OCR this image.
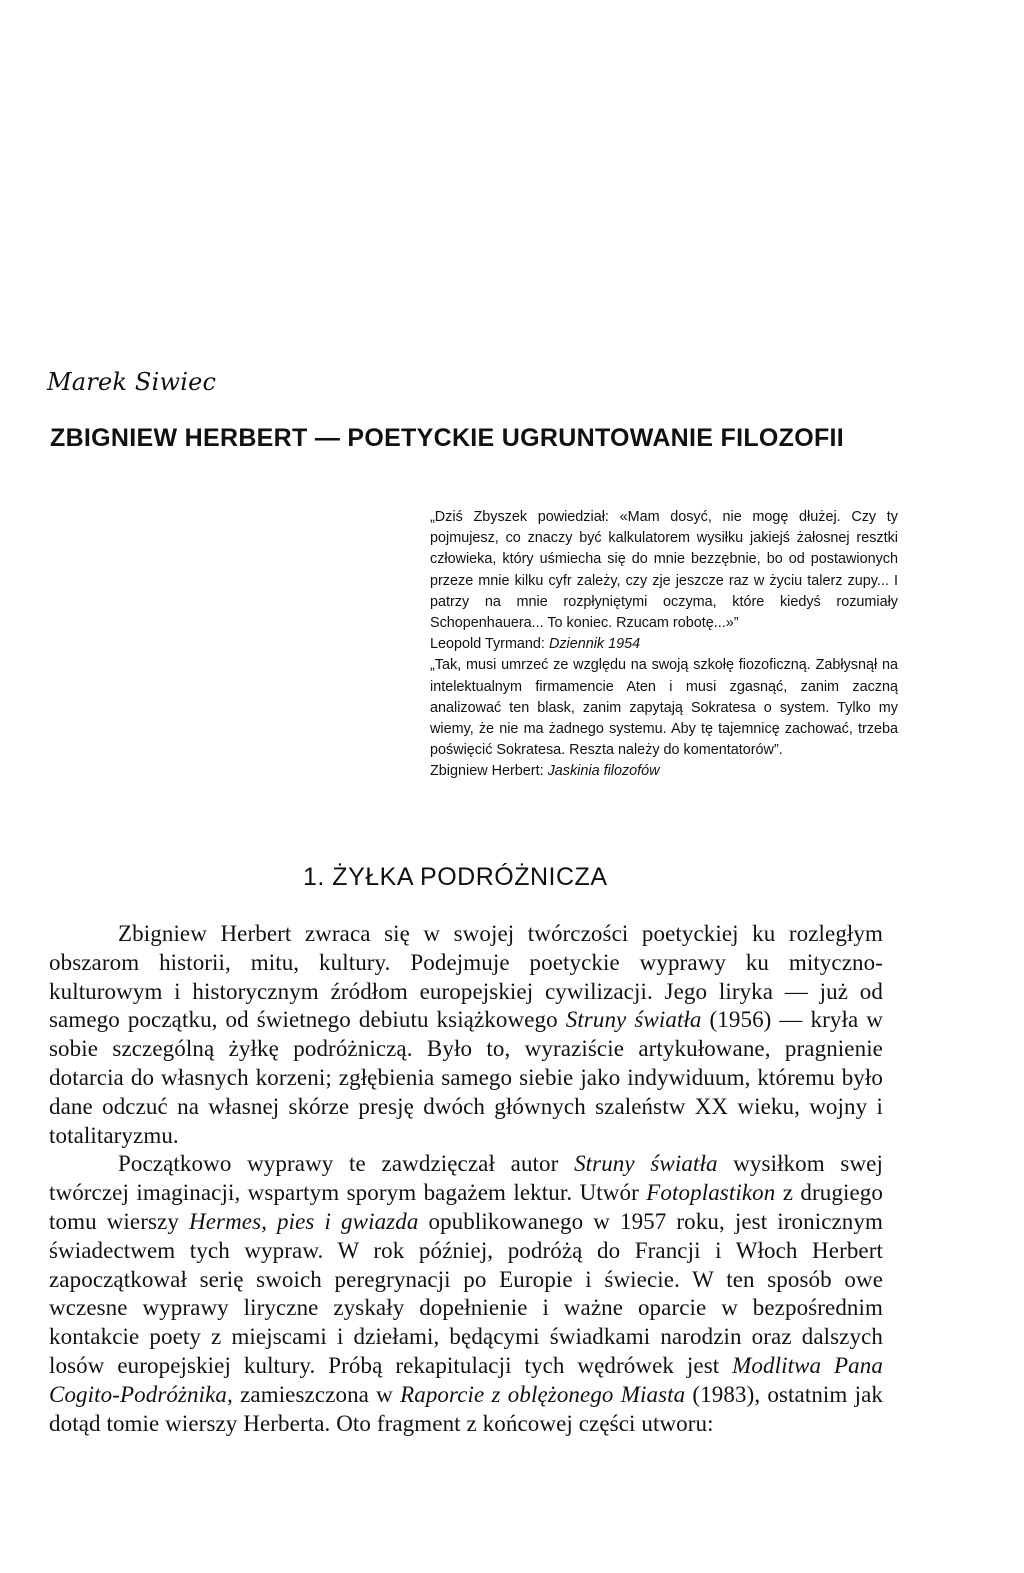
Marek Siwiec
ZBIGNIEW HERBERT — POETYCKIE UGRUNTOWANIE FILOZOFII

„Dziś Zbyszek powiedział: «Mam dosyć, nie mogę dłużej. Czy ty pojmujesz, co znaczy być kalkulatorem wysiłku jakiejś żałosnej resztki człowieka, który uśmiecha się do mnie bezzębnie, bo od postawionych przeze mnie kilku cyfr zależy, czy zje jeszcze raz w życiu talerz zupy... I patrzy na mnie rozpłyniętymi oczyma, które kiedyś rozumiały Schopenhauera... To koniec. Rzucam robotę...»”

Leopold Tyrmand: Dziennik 1954

„Tak, musi umrzeć ze względu na swoją szkołę fiozoficzną. Zabłysnął na intelektualnym firmamencie Aten i musi zgasnąć, zanim zaczną analizować ten blask, zanim zapytają Sokratesa o system. Tylko my wiemy, że nie ma żadnego systemu. Aby tę tajemnicę zachować, trzeba poświęcić Sokratesa. Reszta należy do komentatorów”.

Zbigniew Herbert: Jaskinia filozofów

1. ŻYŁKA PODRÓŻNICZA

Zbigniew Herbert zwraca się w swojej twórczości poetyckiej ku rozległym obszarom historii, mitu, kultury. Podejmuje poetyckie wyprawy ku mityczno-kulturowym i historycznym źródłom europejskiej cywilizacji. Jego liryka — już od samego początku, od świetnego debiutu książkowego Struny światła (1956) — kryła w sobie szczególną żyłkę podróżniczą. Było to, wyraziście artykułowane, pragnienie dotarcia do własnych korzeni; zgłębienia samego siebie jako indywiduum, któremu było dane odczuć na własnej skórze presję dwóch głównych szaleństw XX wieku, wojny i totalitaryzmu.

Początkowo wyprawy te zawdzięczał autor Struny światła wysiłkom swej twórczej imaginacji, wspartym sporym bagażem lektur. Utwór Fotoplastikon z drugiego tomu wierszy Hermes, pies i gwiazda opublikowanego w 1957 roku, jest ironicznym świadectwem tych wypraw. W rok później, podróżą do Francji i Włoch Herbert zapoczątkował serię swoich peregrynacji po Europie i świecie. W ten sposób owe wczesne wyprawy liryczne zyskały dopełnienie i ważne oparcie w bezpośrednim kontakcie poety z miejscami i dziełami, będącymi świadkami narodzin oraz dalszych losów europejskiej kultury. Próbą rekapitulacji tych wędrówek jest Modlitwa Pana Cogito-Podróżnika, zamieszczona w Raporcie z oblężonego Miasta (1983), ostatnim jak dotąd tomie wierszy Herberta. Oto fragment z końcowej części utworu:
